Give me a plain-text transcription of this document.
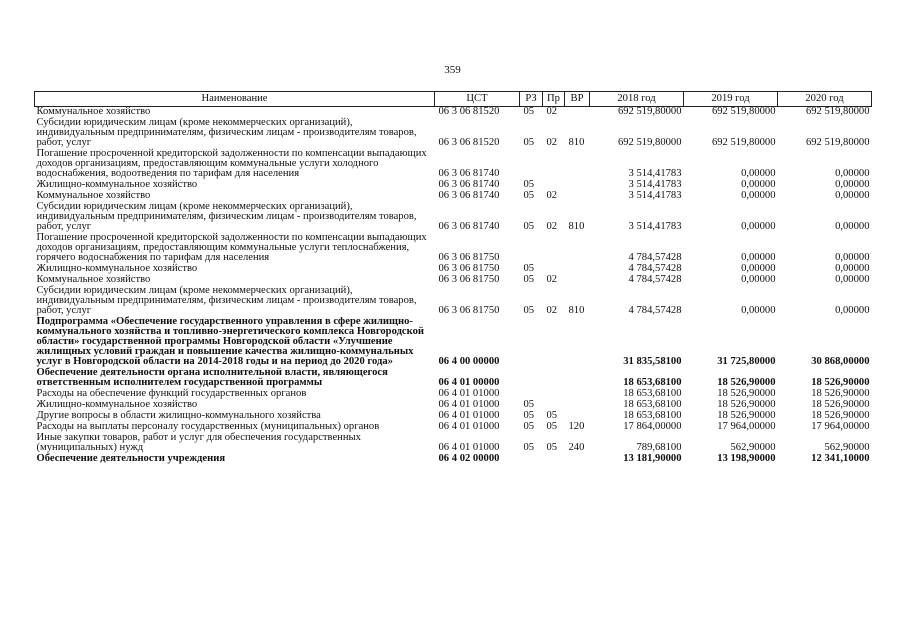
359
Наименование	ЦСТ	РЗ	Пр	ВР	2018 год	2019 год	2020 год
Коммунальное хозяйство	06 3 06 81520	05	02		692 519,80000	692 519,80000	692 519,80000
Субсидии юридическим лицам (кроме некоммерческих организаций), индивидуальным предпринимателям, физическим лицам - производителям товаров, работ, услуг	06 3 06 81520	05	02	810	692 519,80000	692 519,80000	692 519,80000
Погашение просроченной кредиторской задолженности по компенсации выпадающих доходов организациям, предоставляющим коммунальные услуги холодного водоснабжения, водоотведения по тарифам для населения	06 3 06 81740				3 514,41783	0,00000	0,00000
Жилищно-коммунальное хозяйство	06 3 06 81740	05			3 514,41783	0,00000	0,00000
Коммунальное хозяйство	06 3 06 81740	05	02		3 514,41783	0,00000	0,00000
Субсидии юридическим лицам (кроме некоммерческих организаций), индивидуальным предпринимателям, физическим лицам - производителям товаров, работ, услуг	06 3 06 81740	05	02	810	3 514,41783	0,00000	0,00000
Погашение просроченной кредиторской задолженности по компенсации выпадающих доходов организациям, предоставляющим коммунальные услуги теплоснабжения, горячего водоснабжения по тарифам для населения	06 3 06 81750				4 784,57428	0,00000	0,00000
Жилищно-коммунальное хозяйство	06 3 06 81750	05			4 784,57428	0,00000	0,00000
Коммунальное хозяйство	06 3 06 81750	05	02		4 784,57428	0,00000	0,00000
Субсидии юридическим лицам (кроме некоммерческих организаций), индивидуальным предпринимателям, физическим лицам - производителям товаров, работ, услуг	06 3 06 81750	05	02	810	4 784,57428	0,00000	0,00000
Подпрограмма «Обеспечение государственного управления в сфере жилищно-коммунального хозяйства и топливно-энергетического комплекса Новгородской области» государственной программы Новгородской области «Улучшение жилищных условий граждан и повышение качества жилищно-коммунальных услуг в Новгородской области на 2014-2018 годы и на период до 2020 года»	06 4 00 00000				31 835,58100	31 725,80000	30 868,00000
Обеспечение деятельности органа исполнительной власти, являющегося ответственным исполнителем государственной программы	06 4 01 00000				18 653,68100	18 526,90000	18 526,90000
Расходы на обеспечение функций государственных органов	06 4 01 01000				18 653,68100	18 526,90000	18 526,90000
Жилищно-коммунальное хозяйство	06 4 01 01000	05			18 653,68100	18 526,90000	18 526,90000
Другие вопросы в области жилищно-коммунального хозяйства	06 4 01 01000	05	05		18 653,68100	18 526,90000	18 526,90000
Расходы на выплаты персоналу государственных (муниципальных) органов	06 4 01 01000	05	05	120	17 864,00000	17 964,00000	17 964,00000
Иные закупки товаров, работ и услуг для обеспечения государственных (муниципальных) нужд	06 4 01 01000	05	05	240	789,68100	562,90000	562,90000
Обеспечение деятельности учреждения	06 4 02 00000				13 181,90000	13 198,90000	12 341,10000
